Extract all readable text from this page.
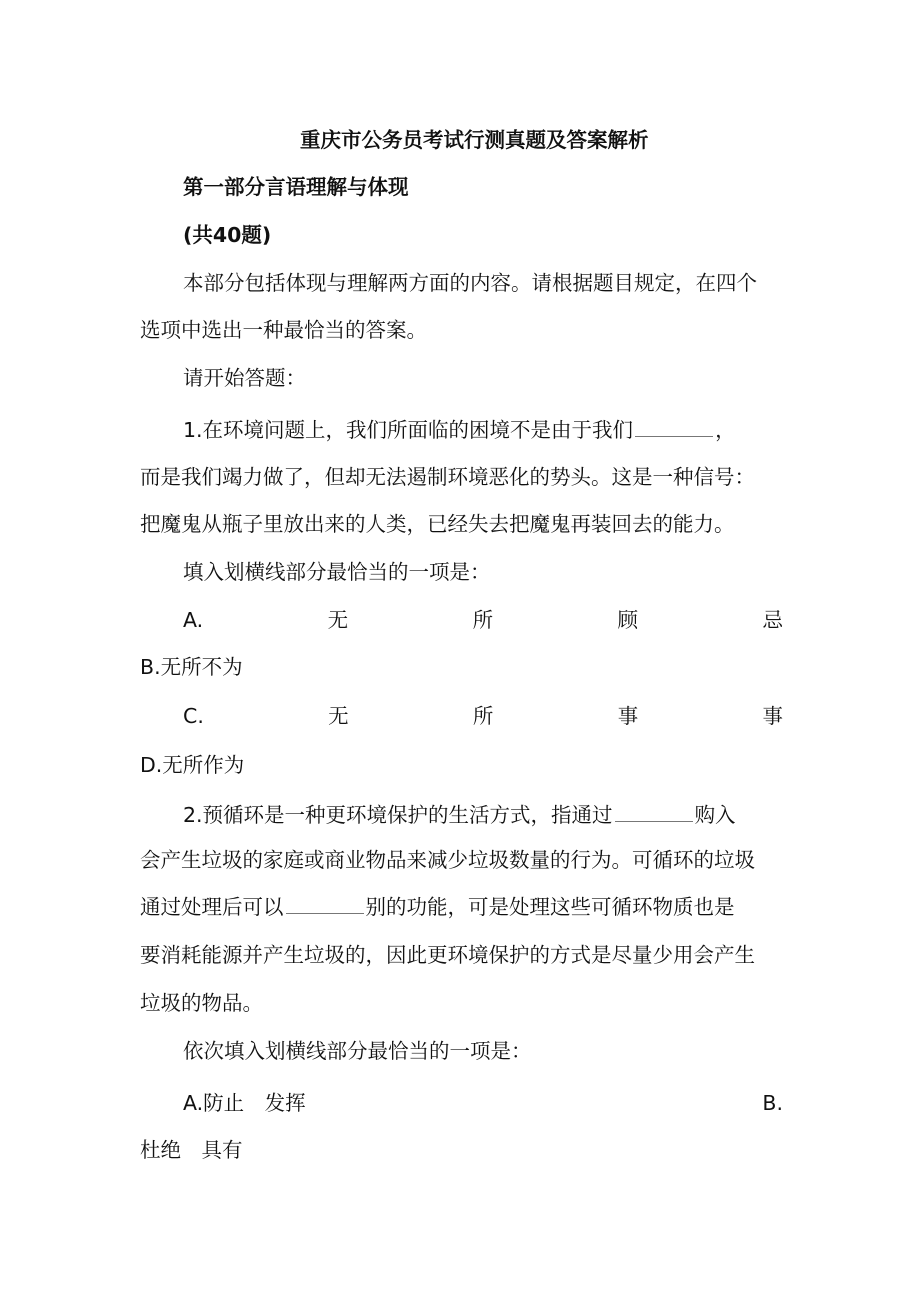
重庆市公务员考试行测真题及答案解析
第一部分言语理解与体现
(共40题)
本部分包括体现与理解两方面的内容。请根据题目规定，在四个
选项中选出一种最恰当的答案。
请开始答题：
1.在环境问题上，我们所面临的困境不是由于我们	，
而是我们竭力做了，但却无法遏制环境恶化的势头。这是一种信号：
把魔鬼从瓶子里放出来的人类，已经失去把魔鬼再装回去的能力。
填入划横线部分最恰当的一项是：
A.	无	所	顾	忌
B.无所不为
C.	无	所	事	事
D.无所作为
2.预循环是一种更环境保护的生活方式，指通过	购入
会产生垃圾的家庭或商业物品来减少垃圾数量的行为。可循环的垃圾
通过处理后可以	别的功能，可是处理这些可循环物质也是
要消耗能源并产生垃圾的，因此更环境保护的方式是尽量少用会产生
垃圾的物品。
依次填入划横线部分最恰当的一项是：
A.防止　发挥	B.
杜绝　具有
